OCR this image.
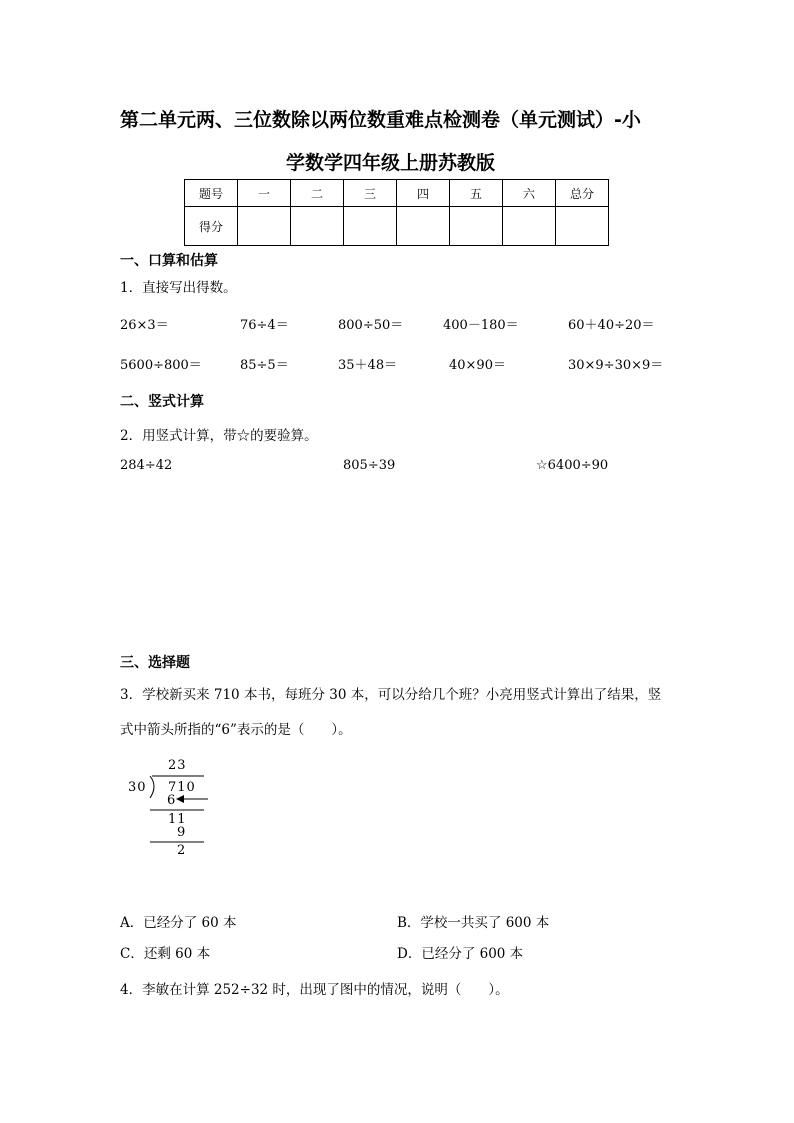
第二单元两、三位数除以两位数重难点检测卷（单元测试）-小
学数学四年级上册苏教版
题号	一	二	三	四	五	六	总分
得分							
一、口算和估算
1．直接写出得数。
26×3＝	76÷4＝	800÷50＝	400－180＝	60＋40÷20＝
5600÷800＝	85÷5＝	35＋48＝	40×90＝	30×9÷30×9＝
二、竖式计算
2．用竖式计算，带☆的要验算。
284÷42	805÷39	☆6400÷90
三、选择题
3．学校新买来 710 本书，每班分 30 本，可以分给几个班？小亮用竖式计算出了结果，竖
式中箭头所指的“6”表示的是（　　）。
23
30 710
6
11
9
2
A．已经分了 60 本	B．学校一共买了 600 本
C．还剩 60 本	D．已经分了 600 本
4．李敏在计算 252÷32 时，出现了图中的情况，说明（　　）。
